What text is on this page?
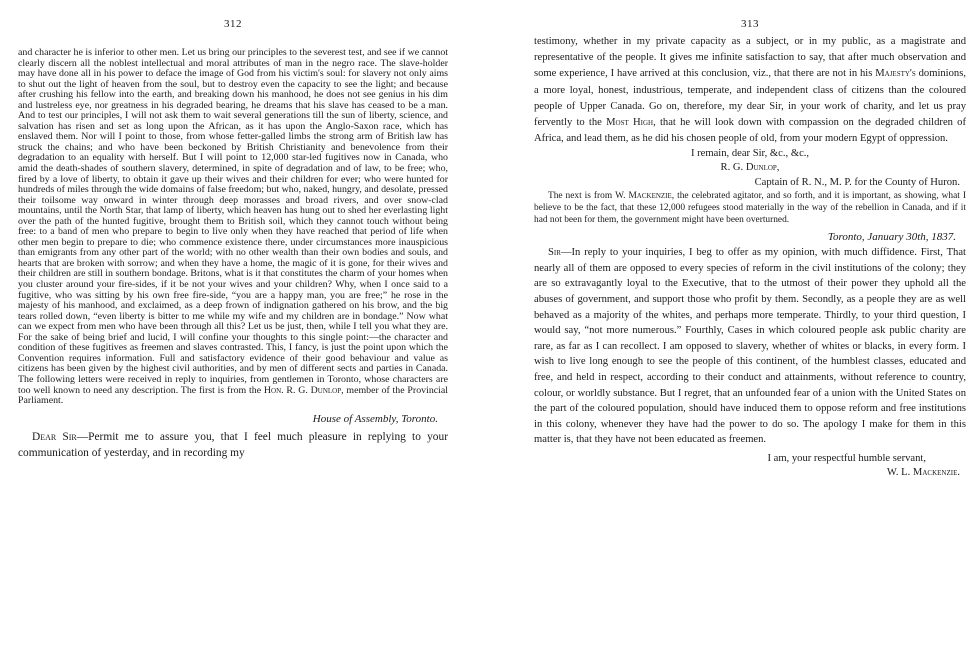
312

and character he is inferior to other men. Let us bring our principles to the severest test, and see if we cannot clearly discern all the noblest intellectual and moral attributes of man in the negro race. The slave-holder may have done all in his power to deface the image of God from his victim's soul: for slavery not only aims to shut out the light of heaven from the soul, but to destroy even the capacity to see the light; and because after crushing his fellow into the earth, and breaking down his manhood, he does not see genius in his dim and lustreless eye, nor greatness in his degraded bearing, he dreams that his slave has ceased to be a man. And to test our principles, I will not ask them to wait several generations till the sun of liberty, science, and salvation has risen and set as long upon the African, as it has upon the Anglo-Saxon race, which has enslaved them. Nor will I point to those, from whose fetter-galled limbs the strong arm of British law has struck the chains; and who have been beckoned by British Christianity and benevolence from their degradation to an equality with herself. But I will point to 12,000 star-led fugitives now in Canada, who amid the death-shades of southern slavery, determined, in spite of degradation and of law, to be free; who, fired by a love of liberty, to obtain it gave up their wives and their children for ever; who were hunted for hundreds of miles through the wide domains of false freedom; but who, naked, hungry, and desolate, pressed their toilsome way onward in winter through deep morasses and broad rivers, and over snow-clad mountains, until the North Star, that lamp of liberty, which heaven has hung out to shed her everlasting light over the path of the hunted fugitive, brought them to British soil, which they cannot touch without being free: to a band of men who prepare to begin to live only when they have reached that period of life when other men begin to prepare to die; who commence existence there, under circumstances more inauspicious than emigrants from any other part of the world; with no other wealth than their own bodies and souls, and hearts that are broken with sorrow; and when they have a home, the magic of it is gone, for their wives and their children are still in southern bondage. Britons, what is it that constitutes the charm of your homes when you cluster around your fire-sides, if it be not your wives and your children? Why, when I once said to a fugitive, who was sitting by his own free fire-side, “you are a happy man, you are free;” he rose in the majesty of his manhood, and exclaimed, as a deep frown of indignation gathered on his brow, and the big tears rolled down, “even liberty is bitter to me while my wife and my children are in bondage.” Now what can we expect from men who have been through all this? Let us be just, then, while I tell you what they are. For the sake of being brief and lucid, I will confine your thoughts to this single point:—the character and condition of these fugitives as freemen and slaves contrasted. This, I fancy, is just the point upon which the Convention requires information. Full and satisfactory evidence of their good behaviour and value as citizens has been given by the highest civil authorities, and by men of different sects and parties in Canada. The following letters were received in reply to inquiries, from gentlemen in Toronto, whose characters are too well known to need any description. The first is from the Hon. R. G. Dunlop, member of the Provincial Parliament.

House of Assembly, Toronto.

Dear Sir—Permit me to assure you, that I feel much pleasure in replying to your communication of yesterday, and in recording my

313

testimony, whether in my private capacity as a subject, or in my public, as a magistrate and representative of the people. It gives me infinite satisfaction to say, that after much observation and some experience, I have arrived at this conclusion, viz., that there are not in his Majesty's dominions, a more loyal, honest, industrious, temperate, and independent class of citizens than the coloured people of Upper Canada. Go on, therefore, my dear Sir, in your work of charity, and let us pray fervently to the Most High, that he will look down with compassion on the degraded children of Africa, and lead them, as he did his chosen people of old, from your modern Egypt of oppression.

I remain, dear Sir, &c., &c.,

R. G. Dunlop,

Captain of R. N., M. P. for the County of Huron.

The next is from W. Mackenzie, the celebrated agitator, and so forth, and it is important, as showing, what I believe to be the fact, that these 12,000 refugees stood materially in the way of the rebellion in Canada, and if it had not been for them, the government might have been overturned.

Toronto, January 30th, 1837.

Sir—In reply to your inquiries, I beg to offer as my opinion, with much diffidence. First, That nearly all of them are opposed to every species of reform in the civil institutions of the colony; they are so extravagantly loyal to the Executive, that to the utmost of their power they uphold all the abuses of government, and support those who profit by them. Secondly, as a people they are as well behaved as a majority of the whites, and perhaps more temperate. Thirdly, to your third question, I would say, “not more numerous.” Fourthly, Cases in which coloured people ask public charity are rare, as far as I can recollect. I am opposed to slavery, whether of whites or blacks, in every form. I wish to live long enough to see the people of this continent, of the humblest classes, educated and free, and held in respect, according to their conduct and attainments, without reference to country, colour, or worldly substance. But I regret, that an unfounded fear of a union with the United States on the part of the coloured population, should have induced them to oppose reform and free institutions in this colony, whenever they have had the power to do so. The apology I make for them in this matter is, that they have not been educated as freemen.

I am, your respectful humble servant,

W. L. Mackenzie.
